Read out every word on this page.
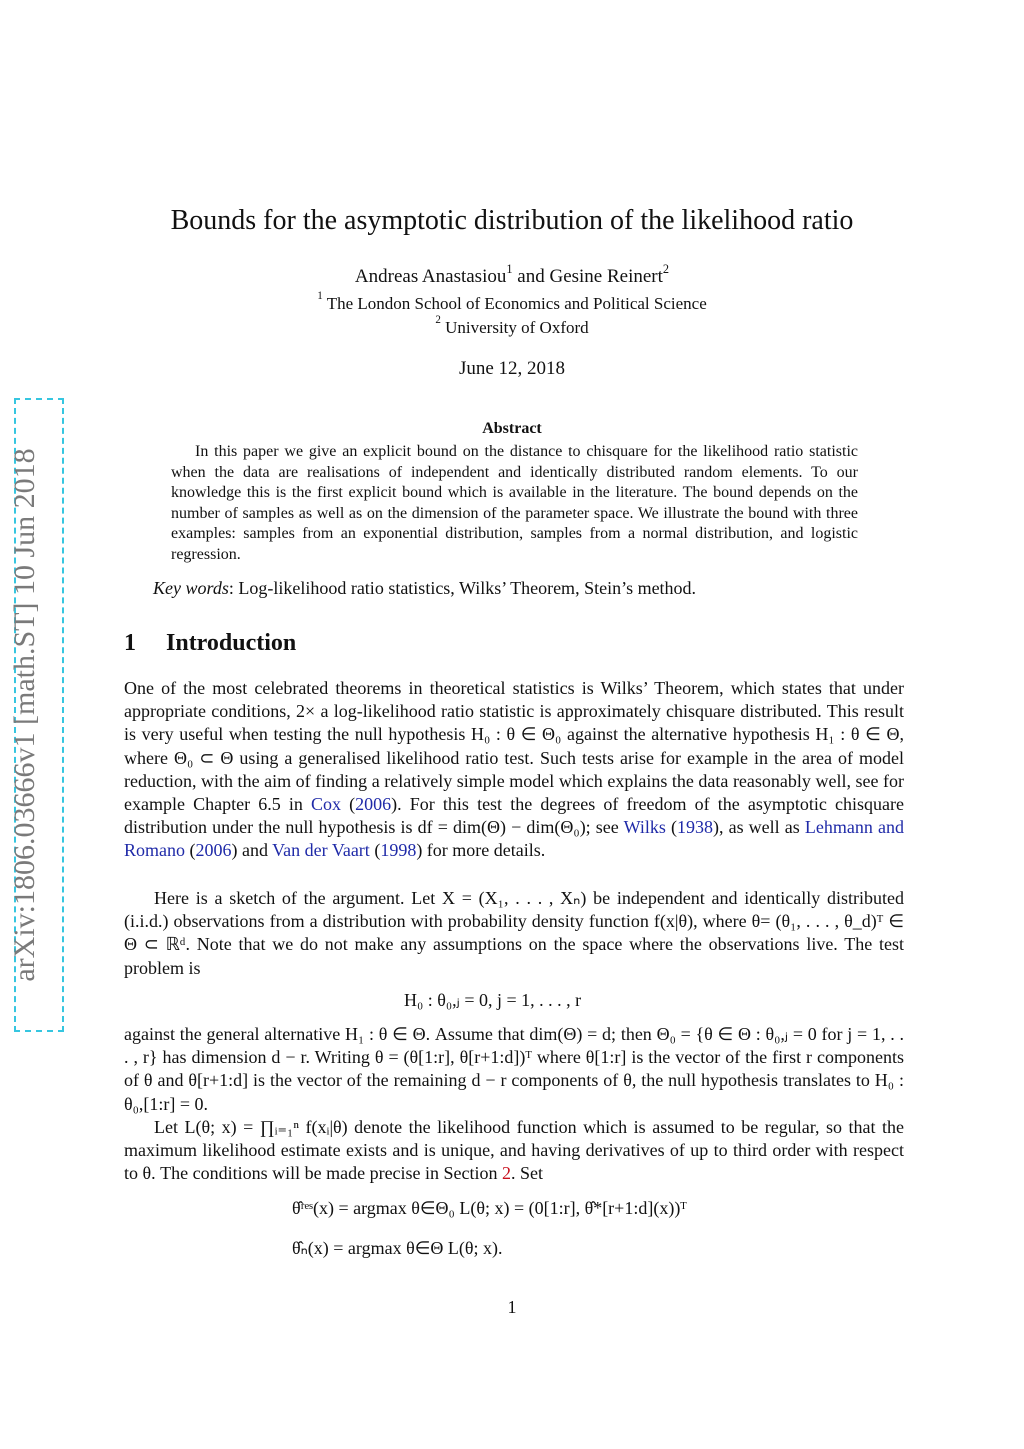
arXiv:1806.03666v1 [math.ST] 10 Jun 2018
Bounds for the asymptotic distribution of the likelihood ratio
Andreas Anastasiou$^1$ and Gesine Reinert$^2$
$^1$ The London School of Economics and Political Science
$^2$ University of Oxford
June 12, 2018
Abstract
In this paper we give an explicit bound on the distance to chisquare for the likelihood ratio statistic when the data are realisations of independent and identically distributed random elements. To our knowledge this is the first explicit bound which is available in the literature. The bound depends on the number of samples as well as on the dimension of the parameter space. We illustrate the bound with three examples: samples from an exponential distribution, samples from a normal distribution, and logistic regression.
Key words: Log-likelihood ratio statistics, Wilks’ Theorem, Stein’s method.
1 Introduction
One of the most celebrated theorems in theoretical statistics is Wilks’ Theorem, which states that under appropriate conditions, 2× a log-likelihood ratio statistic is approximately chisquare distributed. This result is very useful when testing the null hypothesis H₀ : θ ∈ Θ₀ against the alternative hypothesis H₁ : θ ∈ Θ, where Θ₀ ⊂ Θ using a generalised likelihood ratio test. Such tests arise for example in the area of model reduction, with the aim of finding a relatively simple model which explains the data reasonably well, see for example Chapter 6.5 in Cox (2006). For this test the degrees of freedom of the asymptotic chisquare distribution under the null hypothesis is df = dim(Θ) − dim(Θ₀); see Wilks (1938), as well as Lehmann and Romano (2006) and Van der Vaart (1998) for more details.
Here is a sketch of the argument. Let X = (X₁, . . . , Xₙ) be independent and identically distributed (i.i.d.) observations from a distribution with probability density function f(x|θ), where θ= (θ₁, . . . , θ_d)ᵀ ∈ Θ ⊂ ℝᵈ. Note that we do not make any assumptions on the space where the observations live. The test problem is
H₀ : θ₀,ⱼ = 0, j = 1, . . . , r
against the general alternative H₁ : θ ∈ Θ. Assume that dim(Θ) = d; then Θ₀ = {θ ∈ Θ : θ₀,ⱼ = 0 for j = 1, . . . , r} has dimension d − r. Writing θ = (θ[1:r], θ[r+1:d])ᵀ where θ[1:r] is the vector of the first r components of θ and θ[r+1:d] is the vector of the remaining d − r components of θ, the null hypothesis translates to H₀ : θ₀,[1:r] = 0.
Let L(θ; x) = ∏ᵢ₌₁ⁿ f(xᵢ|θ) denote the likelihood function which is assumed to be regular, so that the maximum likelihood estimate exists and is unique, and having derivatives of up to third order with respect to θ. The conditions will be made precise in Section 2. Set
θ̂ʳᵉˢ(x) = argmax θ∈Θ₀ L(θ; x) = (0[1:r], θ̂*[r+1:d](x))ᵀ
θ̂ₙ(x) = argmax θ∈Θ L(θ; x).
1
